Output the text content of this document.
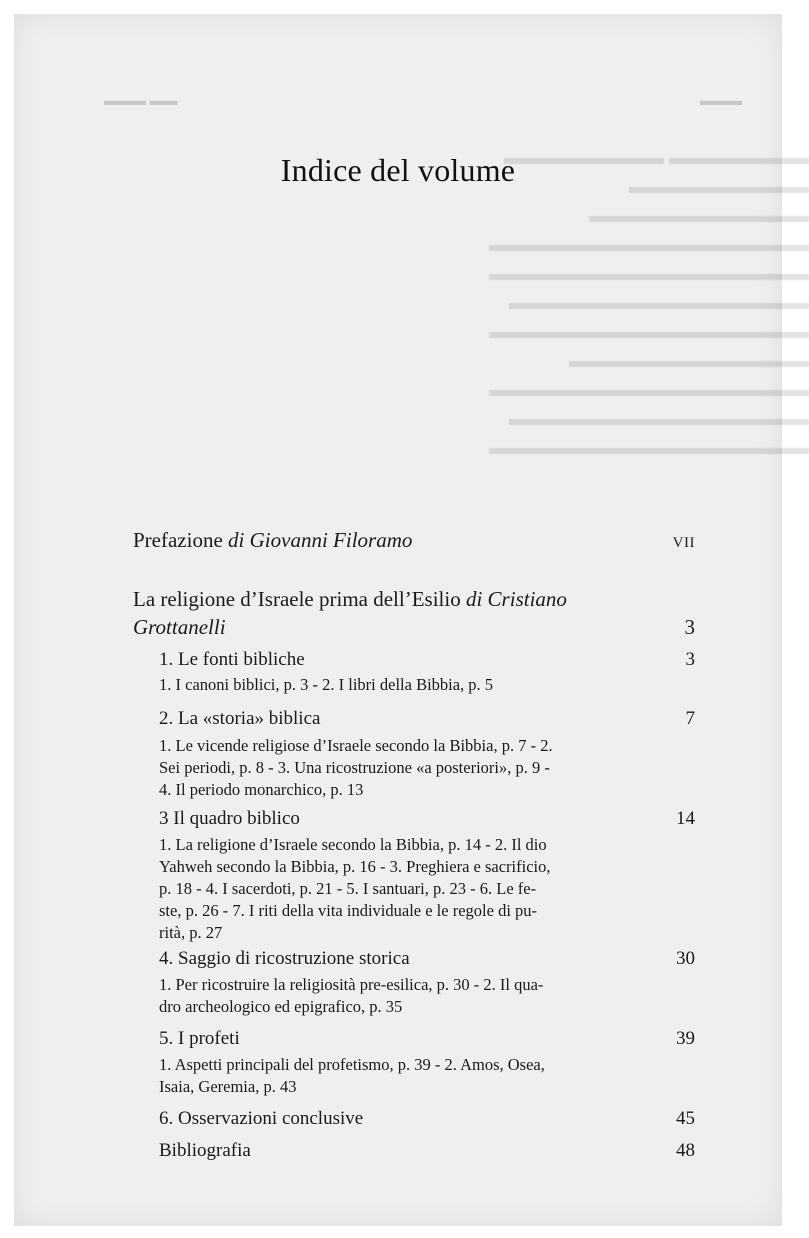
▬▬▬
▬▬ ▬▬▬
▬▬▬▬▬▬▬ ▬▬▬▬▬▬▬▬
▬▬▬▬▬▬▬▬▬
▬▬▬▬▬▬▬▬▬▬▬
▬▬▬▬▬▬▬▬▬▬▬▬▬▬▬▬
▬▬▬▬▬▬▬▬▬▬▬▬▬▬▬▬
▬▬▬▬▬▬▬▬▬▬▬▬▬▬▬
▬▬▬▬▬▬▬▬▬▬▬▬▬▬▬▬
▬▬▬▬▬▬▬▬▬▬▬▬
▬▬▬▬▬▬▬▬▬▬▬▬▬▬▬▬
▬▬▬▬▬▬▬▬▬▬▬▬▬▬▬
▬▬▬▬▬▬▬▬▬▬▬▬▬▬▬▬
Indice del volume
Prefazione di Giovanni Filoramo	VII
La religione d’Israele prima dell’Esilio di Cristiano
Grottanelli	3
1. Le fonti bibliche	3
1. I canoni biblici, p. 3 - 2. I libri della Bibbia, p. 5
2. La «storia» biblica	7
1. Le vicende religiose d’Israele secondo la Bibbia, p. 7 - 2.
Sei periodi, p. 8 - 3. Una ricostruzione «a posteriori», p. 9 -
4. Il periodo monarchico, p. 13
3 Il quadro biblico	14
1. La religione d’Israele secondo la Bibbia, p. 14 - 2. Il dio
Yahweh secondo la Bibbia, p. 16 - 3. Preghiera e sacrificio,
p. 18 - 4. I sacerdoti, p. 21 - 5. I santuari, p. 23 - 6. Le fe-
ste, p. 26 - 7. I riti della vita individuale e le regole di pu-
rità, p. 27
4. Saggio di ricostruzione storica	30
1. Per ricostruire la religiosità pre-esilica, p. 30 - 2. Il qua-
dro archeologico ed epigrafico, p. 35
5. I profeti	39
1. Aspetti principali del profetismo, p. 39 - 2. Amos, Osea,
Isaia, Geremia, p. 43
6. Osservazioni conclusive	45
Bibliografia	48
